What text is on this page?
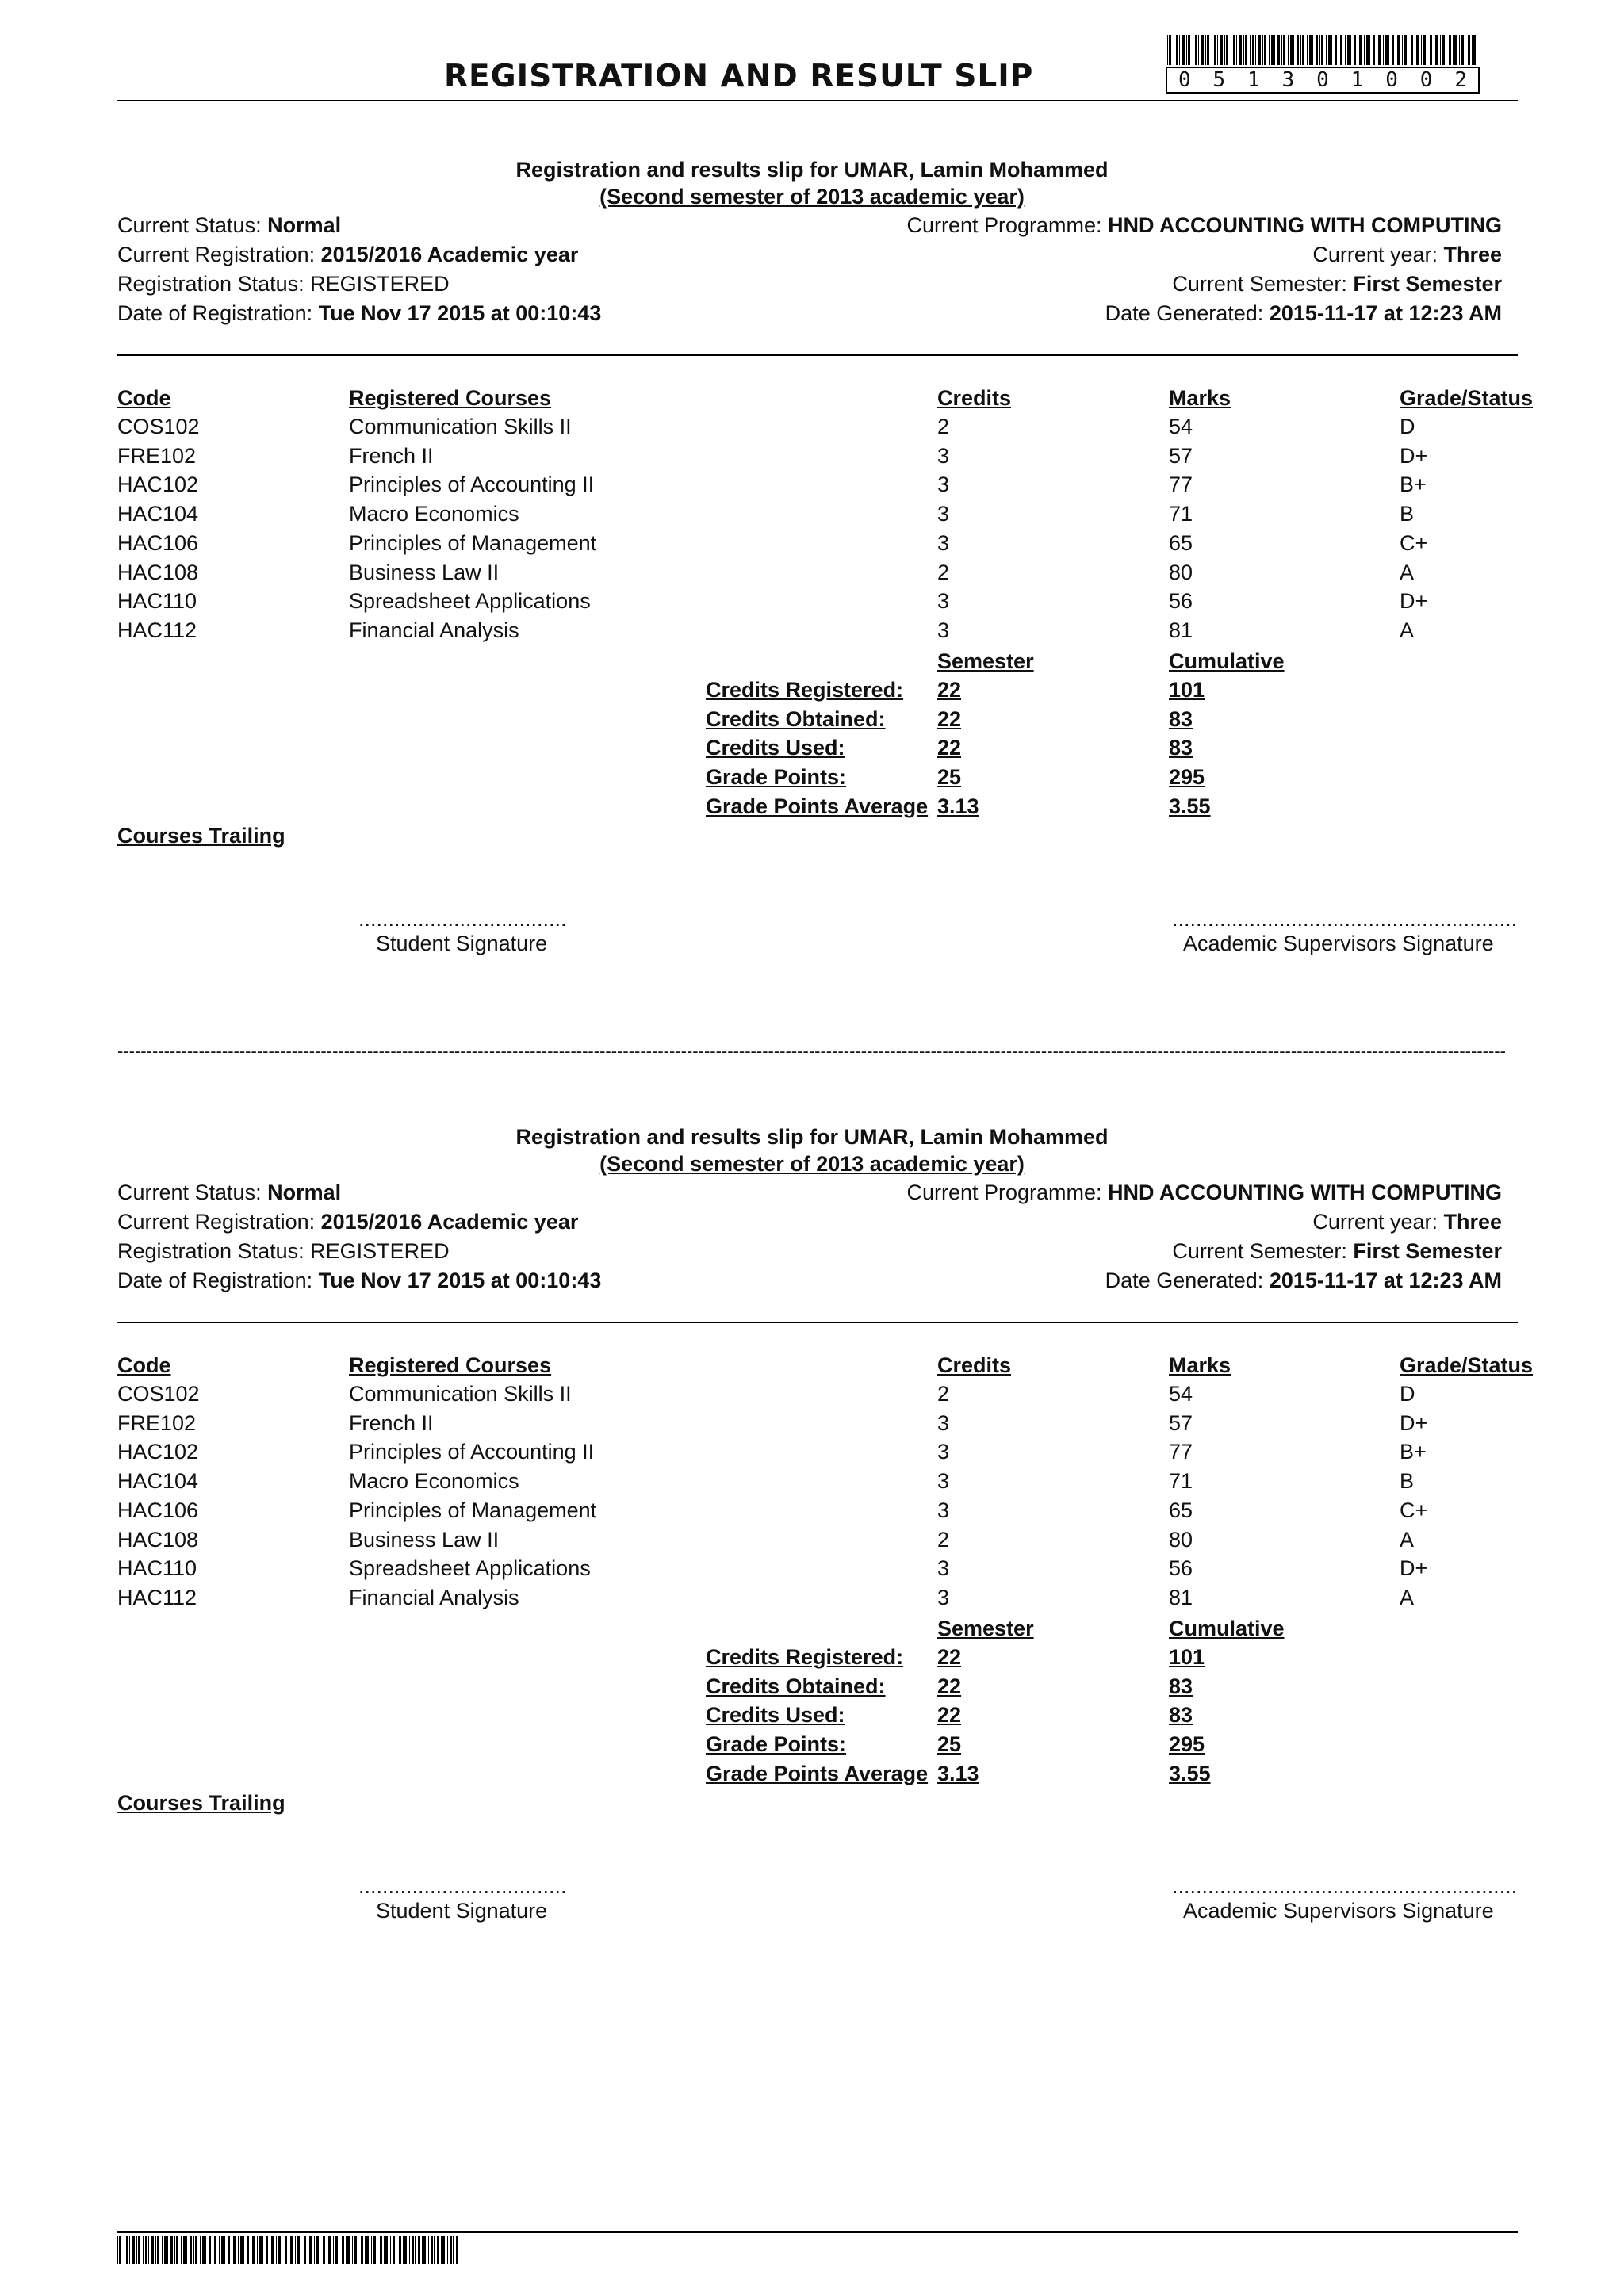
REGISTRATION AND RESULT SLIP	0 5 1 3 0 1 0 0 2
Registration and results slip for UMAR, Lamin Mohammed
(Second semester of 2013 academic year)
Current Status: Normal
Current Registration: 2015/2016 Academic year
Registration Status: REGISTERED
Date of Registration: Tue Nov 17 2015 at 00:10:43
Current Programme: HND ACCOUNTING WITH COMPUTING
Current year: Three
Current Semester: First Semester
Date Generated: 2015-11-17 at 12:23 AM
Code	Registered Courses	Credits	Marks	Grade/Status
COS102	Communication Skills II	2	54	D
FRE102	French II	3	57	D+
HAC102	Principles of Accounting II	3	77	B+
HAC104	Macro Economics	3	71	B
HAC106	Principles of Management	3	65	C+
HAC108	Business Law II	2	80	A
HAC110	Spreadsheet Applications	3	56	D+
HAC112	Financial Analysis	3	81	A
Semester	Cumulative
Credits Registered: 22	101
Credits Obtained: 22	83
Credits Used:	22	83
Grade Points:	25	295
Grade Points Average 3.13	3.55
Courses Trailing
...................................
Student Signature
..........................................................
Academic Supervisors Signature
-----------------------------------------------------------------------------------------------------------------------------------------------------------------------------------------------------------------------------------------------
Registration and results slip for UMAR, Lamin Mohammed
(Second semester of 2013 academic year)
Current Status: Normal
Current Registration: 2015/2016 Academic year
Registration Status: REGISTERED
Date of Registration: Tue Nov 17 2015 at 00:10:43
Current Programme: HND ACCOUNTING WITH COMPUTING
Current year: Three
Current Semester: First Semester
Date Generated: 2015-11-17 at 12:23 AM
Code	Registered Courses	Credits	Marks	Grade/Status
COS102	Communication Skills II	2	54	D
FRE102	French II	3	57	D+
HAC102	Principles of Accounting II	3	77	B+
HAC104	Macro Economics	3	71	B
HAC106	Principles of Management	3	65	C+
HAC108	Business Law II	2	80	A
HAC110	Spreadsheet Applications	3	56	D+
HAC112	Financial Analysis	3	81	A
Semester	Cumulative
Credits Registered: 22	101
Credits Obtained: 22	83
Credits Used:	22	83
Grade Points:	25	295
Grade Points Average 3.13	3.55
Courses Trailing
...................................
Student Signature
..........................................................
Academic Supervisors Signature
